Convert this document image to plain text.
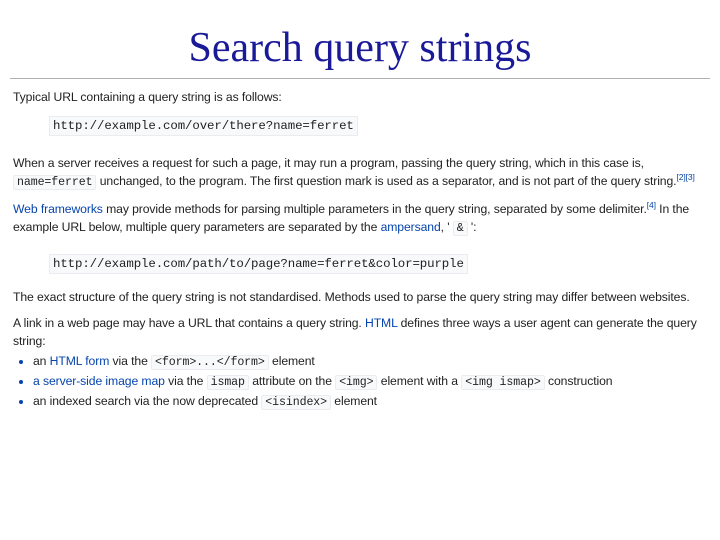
Search query strings

Typical URL containing a query string is as follows:

http://example.com/over/there?name=ferret

When a server receives a request for such a page, it may run a program, passing the query string, which in this case is,
name=ferret unchanged, to the program. The first question mark is used as a separator, and is not part of the query string.[2][3]

Web frameworks may provide methods for parsing multiple parameters in the query string, separated by some delimiter.[4] In the example URL below, multiple query parameters are separated by the ampersand, ' & ':

http://example.com/path/to/page?name=ferret&color=purple

The exact structure of the query string is not standardised. Methods used to parse the query string may differ between websites.

A link in a web page may have a URL that contains a query string. HTML defines three ways a user agent can generate the query string:

• an HTML form via the <form>...</form> element
• a server-side image map via the ismap attribute on the <img> element with a <img ismap> construction
• an indexed search via the now deprecated <isindex> element
